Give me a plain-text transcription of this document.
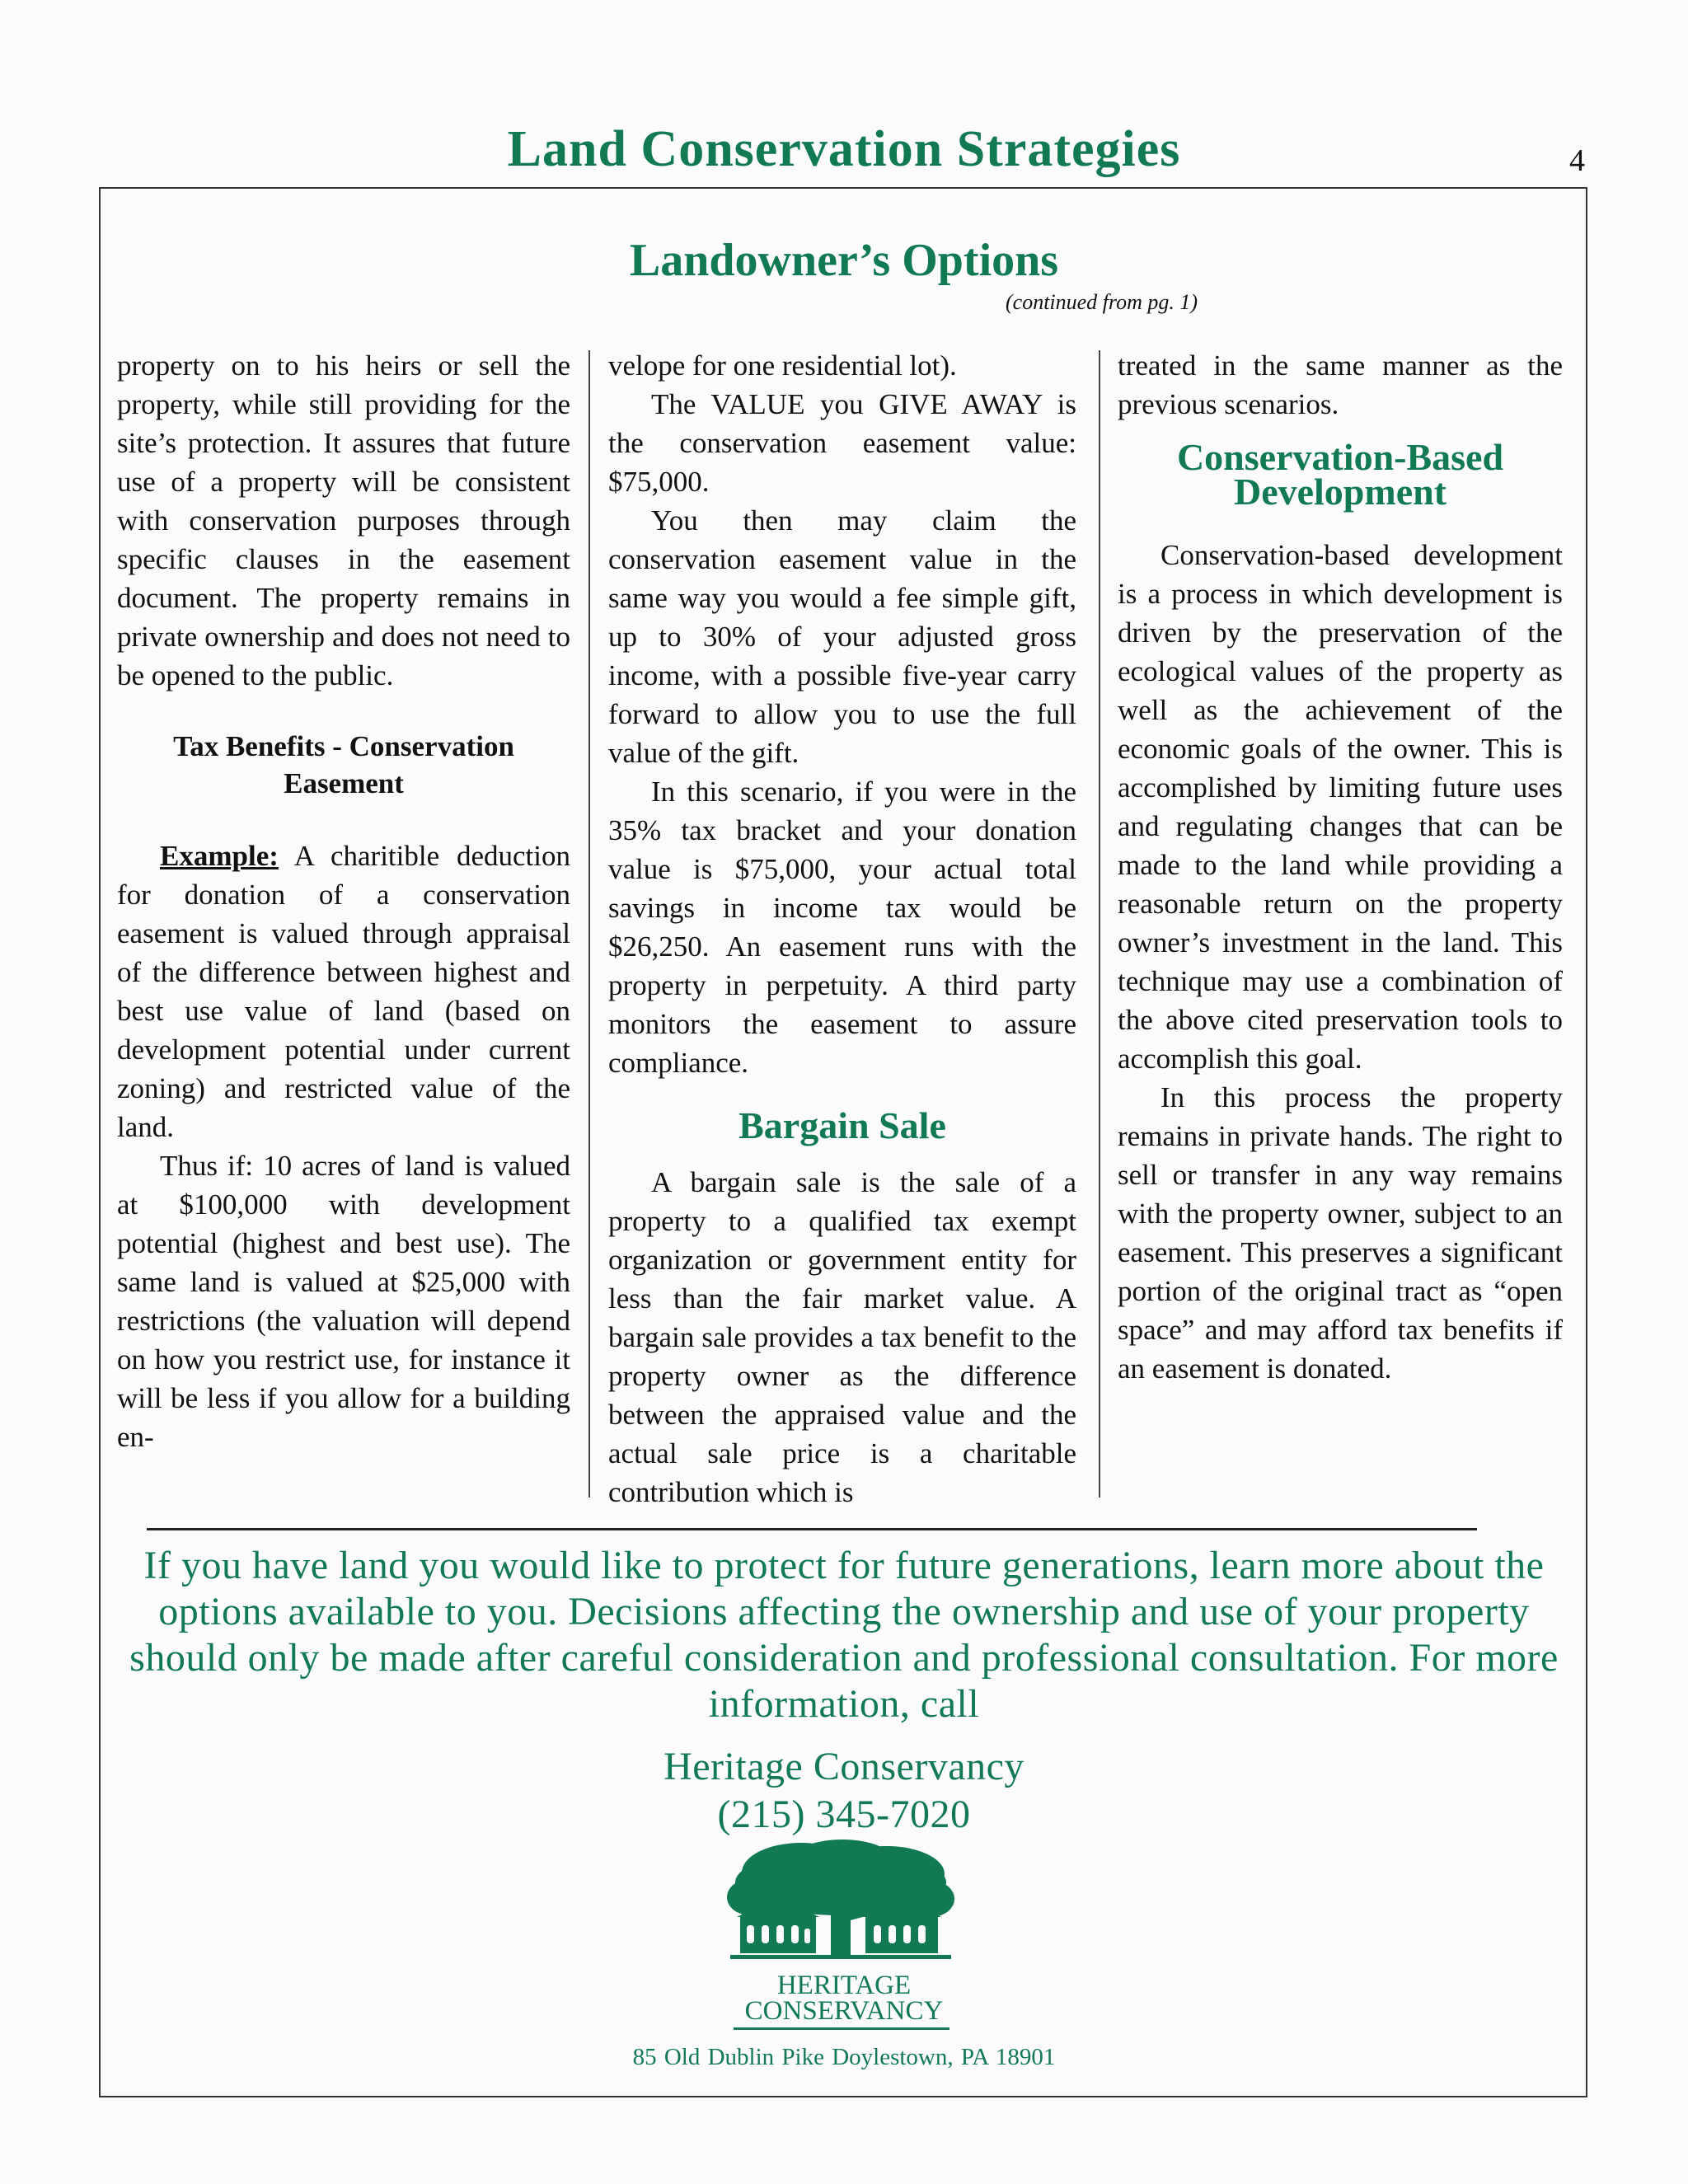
Land Conservation Strategies	4
Landowner’s Options
(continued from pg. 1)

property on to his heirs or sell the property, while still providing for the site’s protection. It assures that future use of a property will be consistent with conservation purposes through specific clauses in the easement document. The property remains in private ownership and does not need to be opened to the public.

Tax Benefits - Conservation Easement

Example: A charitible deduction for donation of a conservation easement is valued through appraisal of the difference between highest and best use value of land (based on development potential under current zoning) and restricted value of the land.

Thus if: 10 acres of land is valued at $100,000 with development potential (highest and best use). The same land is valued at $25,000 with restrictions (the valuation will depend on how you restrict use, for instance it will be less if you allow for a building en-

velope for one residential lot).

The VALUE you GIVE AWAY is the conservation easement value: $75,000.

You then may claim the conservation easement value in the same way you would a fee simple gift, up to 30% of your adjusted gross income, with a possible five-year carry forward to allow you to use the full value of the gift.

In this scenario, if you were in the 35% tax bracket and your donation value is $75,000, your actual total savings in income tax would be $26,250. An easement runs with the property in perpetuity. A third party monitors the easement to assure compliance.

Bargain Sale

A bargain sale is the sale of a property to a qualified tax exempt organization or government entity for less than the fair market value. A bargain sale provides a tax benefit to the property owner as the difference between the appraised value and the actual sale price is a charitable contribution which is

treated in the same manner as the previous scenarios.

Conservation-Based Development

Conservation-based development is a process in which development is driven by the preservation of the ecological values of the property as well as the achievement of the economic goals of the owner. This is accomplished by limiting future uses and regulating changes that can be made to the land while providing a reasonable return on the property owner’s investment in the land. This technique may use a combination of the above cited preservation tools to accomplish this goal.

In this process the property remains in private hands. The right to sell or transfer in any way remains with the property owner, subject to an easement. This preserves a significant portion of the original tract as “open space” and may afford tax benefits if an easement is donated.

If you have land you would like to protect for future generations, learn more about the options available to you. Decisions affecting the ownership and use of your property should only be made after careful consideration and professional consultation. For more information, call
Heritage Conservancy
(215) 345-7020
HERITAGE
CONSERVANCY
85 Old Dublin Pike Doylestown, PA 18901
